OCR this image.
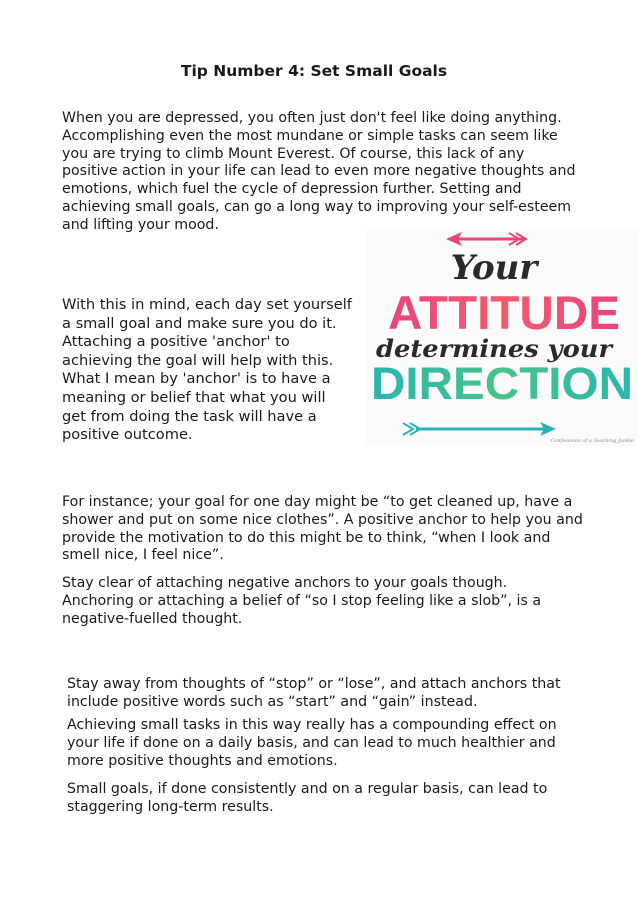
Tip Number 4: Set Small Goals

When you are depressed, you often just don't feel like doing anything. Accomplishing even the most mundane or simple tasks can seem like you are trying to climb Mount Everest. Of course, this lack of any positive action in your life can lead to even more negative thoughts and emotions, which fuel the cycle of depression further. Setting and achieving small goals, can go a long way to improving your self-esteem and lifting your mood.

With this in mind, each day set yourself a small goal and make sure you do it. Attaching a positive 'anchor' to achieving the goal will help with this. What I mean by 'anchor' is to have a meaning or belief that what you will get from doing the task will have a positive outcome.

Your
ATTITUDE
determines your
DIRECTION
Confessions of a Teaching Junkie

For instance; your goal for one day might be “to get cleaned up, have a shower and put on some nice clothes”. A positive anchor to help you and provide the motivation to do this might be to think, “when I look and smell nice, I feel nice”.

Stay clear of attaching negative anchors to your goals though. Anchoring or attaching a belief of “so I stop feeling like a slob”, is a negative-fuelled thought.

Stay away from thoughts of “stop” or “lose”, and attach anchors that include positive words such as “start” and “gain” instead.

Achieving small tasks in this way really has a compounding effect on your life if done on a daily basis, and can lead to much healthier and more positive thoughts and emotions.

Small goals, if done consistently and on a regular basis, can lead to staggering long-term results.
